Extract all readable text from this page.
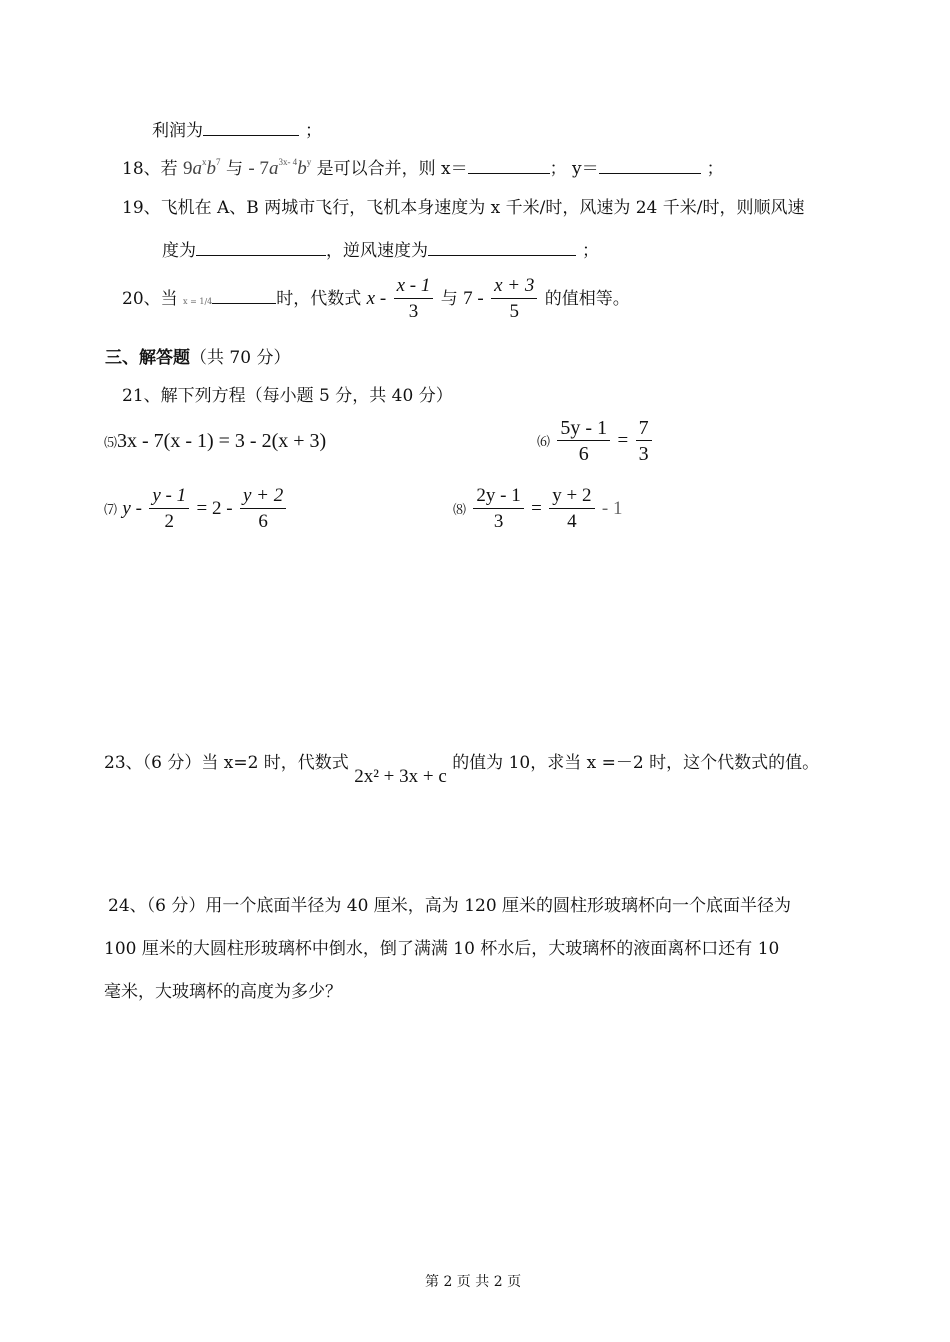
利润为	；
18、若 $9a^xb^7$ 与 - $7a^{3x- 4}b^y$ 是可以合并，则 x＝	； y＝	；
19、飞机在 A、B 两城市飞行，飞机本身速度为 x 千米/时，风速为 24 千米/时，则顺风速
度为	，逆风速度为	；
20、当 x = 1/4	时，代数式 x - $\frac{x - 1}{3}$ 与 $7 - \frac{x + 3}{5}$ 的值相等。
三、解答题（共 70 分）
21、解下列方程（每小题 5 分，共 40 分）
⑸3x - 7(x - 1) = 3 - 2(x + 3)	⑹ $\frac{5y - 1}{6} = \frac{7}{3}$
⑺ $y - \frac{y - 1}{2} = 2 - \frac{y + 2}{6}$	⑻ $\frac{2y - 1}{3} = \frac{y + 2}{4} - 1$
23、（6 分）当 x=2 时，代数式 2x² + 3x + c 的值为 10，求当 x =－2 时，这个代数式的值。
24、（6 分）用一个底面半径为 40 厘米，高为 120 厘米的圆柱形玻璃杯向一个底面半径为
100 厘米的大圆柱形玻璃杯中倒水，倒了满满 10 杯水后，大玻璃杯的液面离杯口还有 10
毫米，大玻璃杯的高度为多少？
第 2 页 共 2 页
